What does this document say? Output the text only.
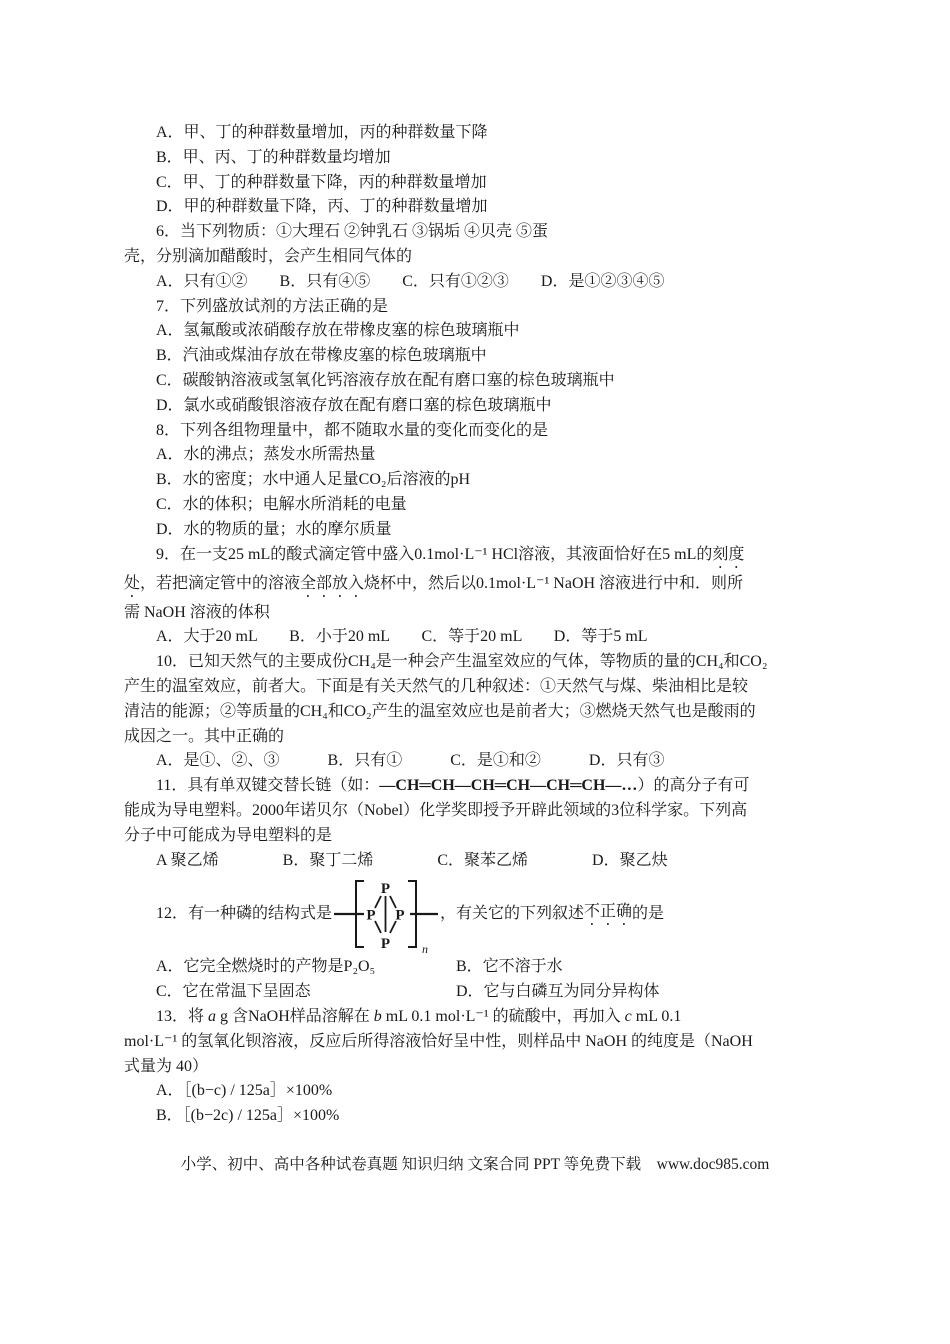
A．甲、丁的种群数量增加，丙的种群数量下降
B．甲、丙、丁的种群数量均增加
C．甲、丁的种群数量下降，丙的种群数量增加
D．甲的种群数量下降，丙、丁的种群数量增加
6．当下列物质：①大理石 ②钟乳石 ③锅垢 ④贝壳 ⑤蛋
壳，分别滴加醋酸时，会产生相同气体的
A．只有①②　　B．只有④⑤　　C．只有①②③　　D．是①②③④⑤
7．下列盛放试剂的方法正确的是
A．氢氟酸或浓硝酸存放在带橡皮塞的棕色玻璃瓶中
B．汽油或煤油存放在带橡皮塞的棕色玻璃瓶中
C．碳酸钠溶液或氢氧化钙溶液存放在配有磨口塞的棕色玻璃瓶中
D．氯水或硝酸银溶液存放在配有磨口塞的棕色玻璃瓶中
8．下列各组物理量中，都不随取水量的变化而变化的是
A．水的沸点；蒸发水所需热量
B．水的密度；水中通人足量CO₂后溶液的pH
C．水的体积；电解水所消耗的电量
D．水的物质的量；水的摩尔质量
9．在一支25 mL的酸式滴定管中盛入0.1mol·L⁻¹ HCl溶液，其液面恰好在5 mL的刻度
处，若把滴定管中的溶液全部放入烧杯中，然后以0.1mol·L⁻¹ NaOH 溶液进行中和．则所
需 NaOH 溶液的体积
A．大于20 mL　　B．小于20 mL　　C．等于20 mL　　D．等于5 mL
10．已知天然气的主要成份CH₄是一种会产生温室效应的气体，等物质的量的CH₄和CO₂
产生的温室效应，前者大。下面是有关天然气的几种叙述：①天然气与煤、柴油相比是较
清洁的能源；②等质量的CH₄和CO₂产生的温室效应也是前者大；③燃烧天然气也是酸雨的
成因之一。其中正确的
A．是①、②、③　　　B．只有①　　　C．是①和②　　　D．只有③
11．具有单双键交替长链（如：—CH═CH—CH═CH—CH═CH—…）的高分子有可
能成为导电塑料。2000年诺贝尔（Nobel）化学奖即授予开辟此领域的3位科学家。下列高
分子中可能成为导电塑料的是
A 聚乙烯　　　　B．聚丁二烯　　　　C．聚苯乙烯　　　　D．聚乙炔
12．有一种磷的结构式是
P
P P
P	n
，有关它的下列叙述 不正确 的是
A．它完全燃烧时的产物是P₂O₅	B．它不溶于水
C．它在常温下呈固态	D．它与白磷互为同分异构体
13．将 a g 含NaOH样品溶解在 b mL 0.1 mol·L⁻¹ 的硫酸中，再加入 c mL 0.1
mol·L⁻¹ 的氢氧化钡溶液，反应后所得溶液恰好呈中性，则样品中 NaOH 的纯度是（NaOH
式量为 40）
A．［(b−c) / 125a］×100%
B．［(b−2c) / 125a］×100%
小学、初中、高中各种试卷真题 知识归纳 文案合同 PPT 等免费下载　www.doc985.com
